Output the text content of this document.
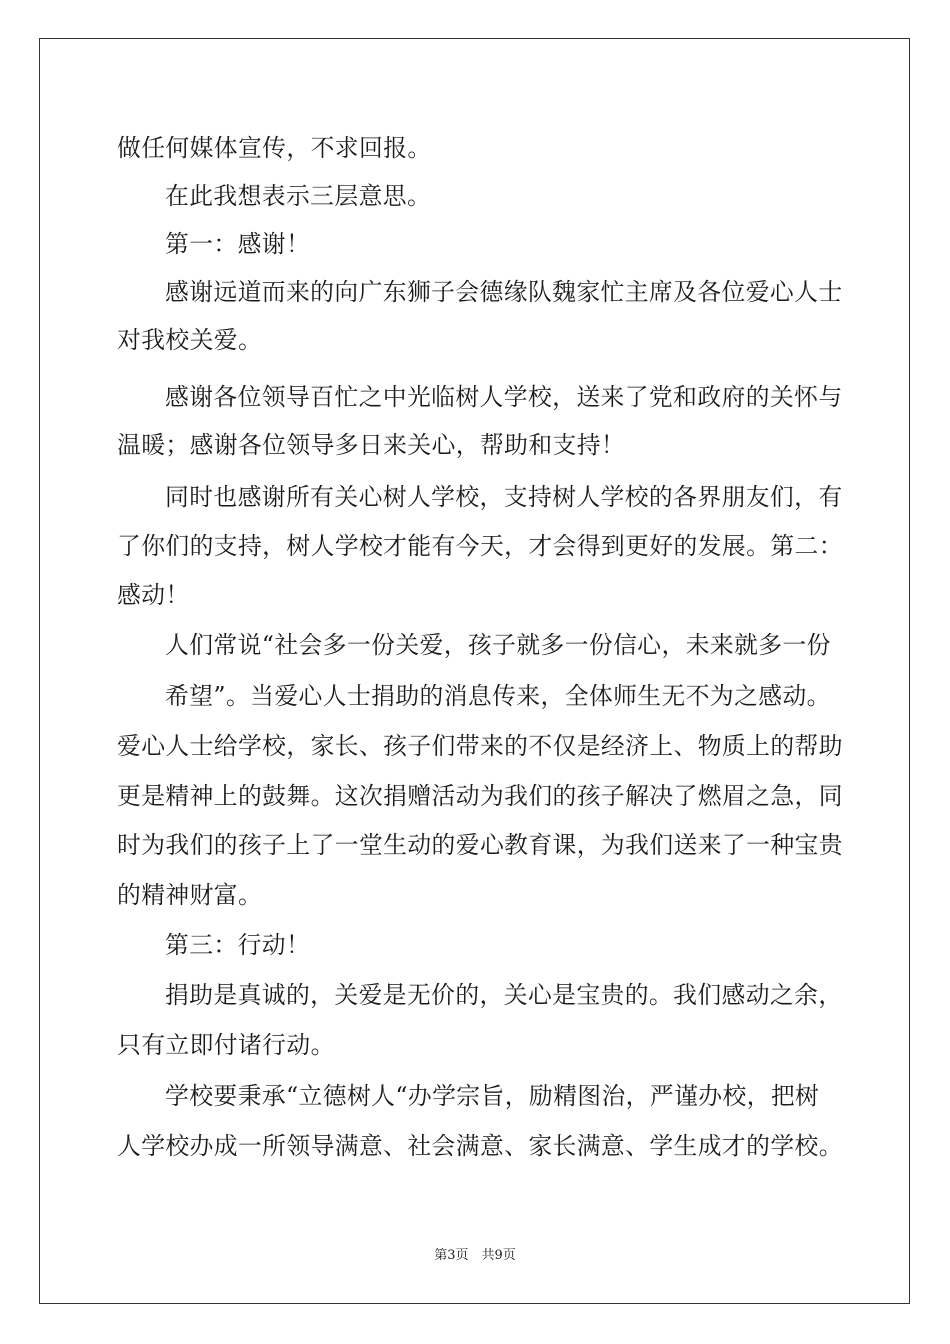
做任何媒体宣传，不求回报。
在此我想表示三层意思。
第一：感谢！
感谢远道而来的向广东狮子会德缘队魏家忙主席及各位爱心人士
对我校关爱。
感谢各位领导百忙之中光临树人学校，送来了党和政府的关怀与
温暖；感谢各位领导多日来关心，帮助和支持！
同时也感谢所有关心树人学校，支持树人学校的各界朋友们，有
了你们的支持，树人学校才能有今天，才会得到更好的发展。第二：
感动！
人们常说“社会多一份关爱，孩子就多一份信心，未来就多一份
希望”。当爱心人士捐助的消息传来，全体师生无不为之感动。
爱心人士给学校，家长、孩子们带来的不仅是经济上、物质上的帮助
更是精神上的鼓舞。这次捐赠活动为我们的孩子解决了燃眉之急，同
时为我们的孩子上了一堂生动的爱心教育课，为我们送来了一种宝贵
的精神财富。
第三：行动！
捐助是真诚的，关爱是无价的，关心是宝贵的。我们感动之余，
只有立即付诸行动。
学校要秉承“立德树人“办学宗旨，励精图治，严谨办校，把树
人学校办成一所领导满意、社会满意、家长满意、学生成才的学校。
第3页　共9页
